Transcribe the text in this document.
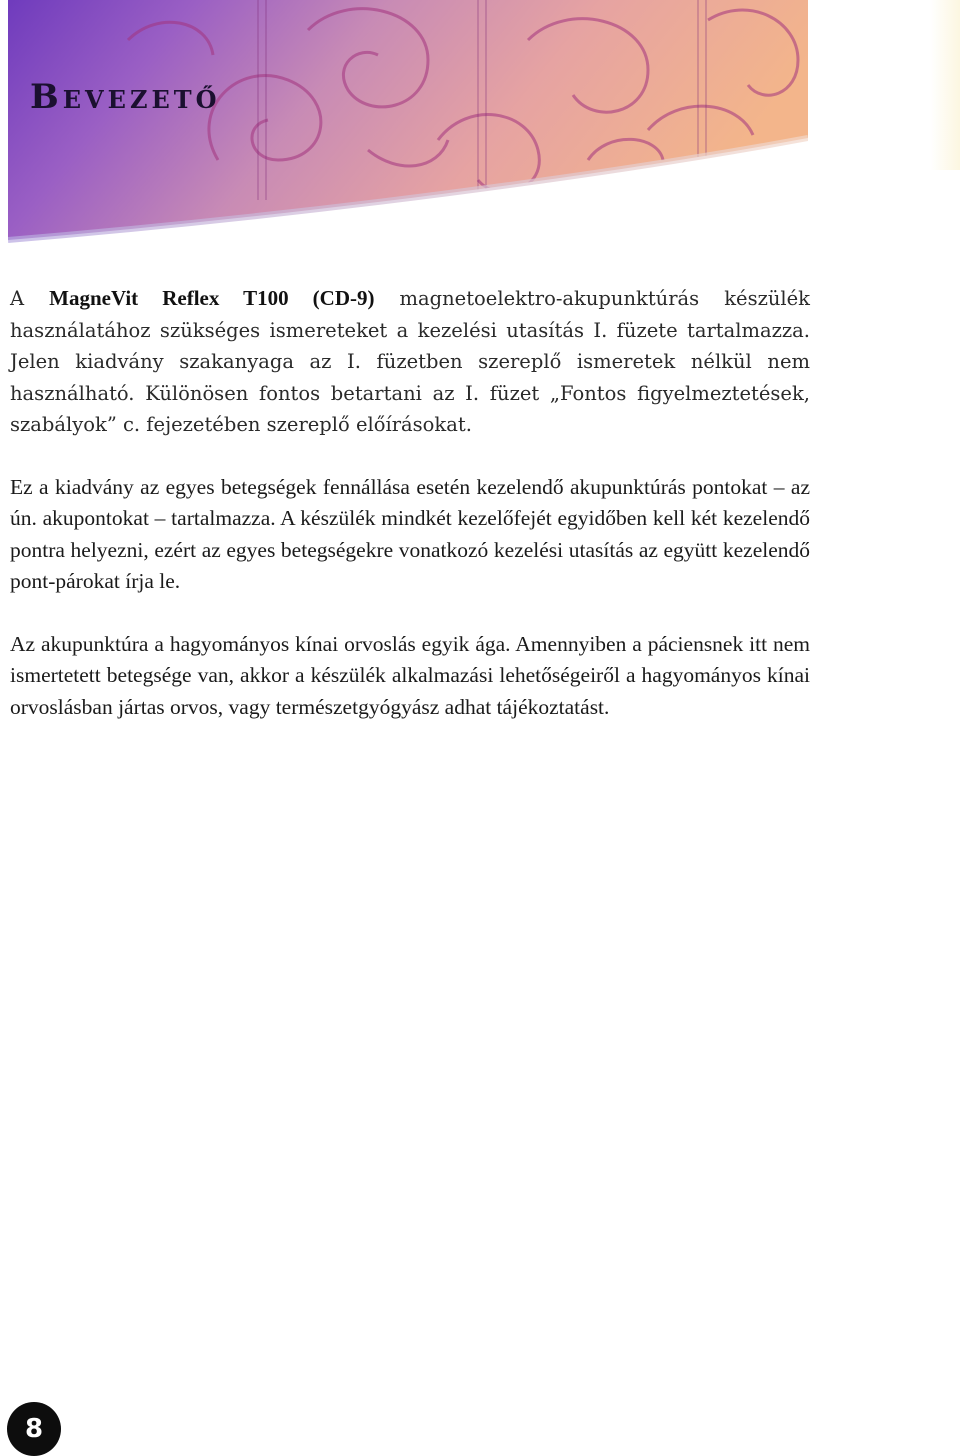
Bevezető

A MagneVit Reflex T100 (CD-9) magnetoelektro-akupunktúrás készülék használatához szükséges ismereteket a kezelési utasítás I. füzete tartalmazza. Jelen kiadvány szakanyaga az I. füzetben szereplő ismeretek nélkül nem használható. Különösen fontos betartani az I. füzet „Fontos figyelmeztetések, szabályok” c. fejezetében szereplő előírásokat.

Ez a kiadvány az egyes betegségek fennállása esetén kezelendő akupunktúrás pontokat – az ún. akupontokat – tartalmazza. A készülék mindkét kezelőfejét egyidőben kell két kezelendő pontra helyezni, ezért az egyes betegségekre vonatkozó kezelési utasítás az együtt kezelendő pont-párokat írja le.

Az akupunktúra a hagyományos kínai orvoslás egyik ága. Amennyiben a páciensnek itt nem ismertetett betegsége van, akkor a készülék alkalmazási lehetőségeiről a hagyományos kínai orvoslásban jártas orvos, vagy természetgyógyász adhat tájékoztatást.

8
